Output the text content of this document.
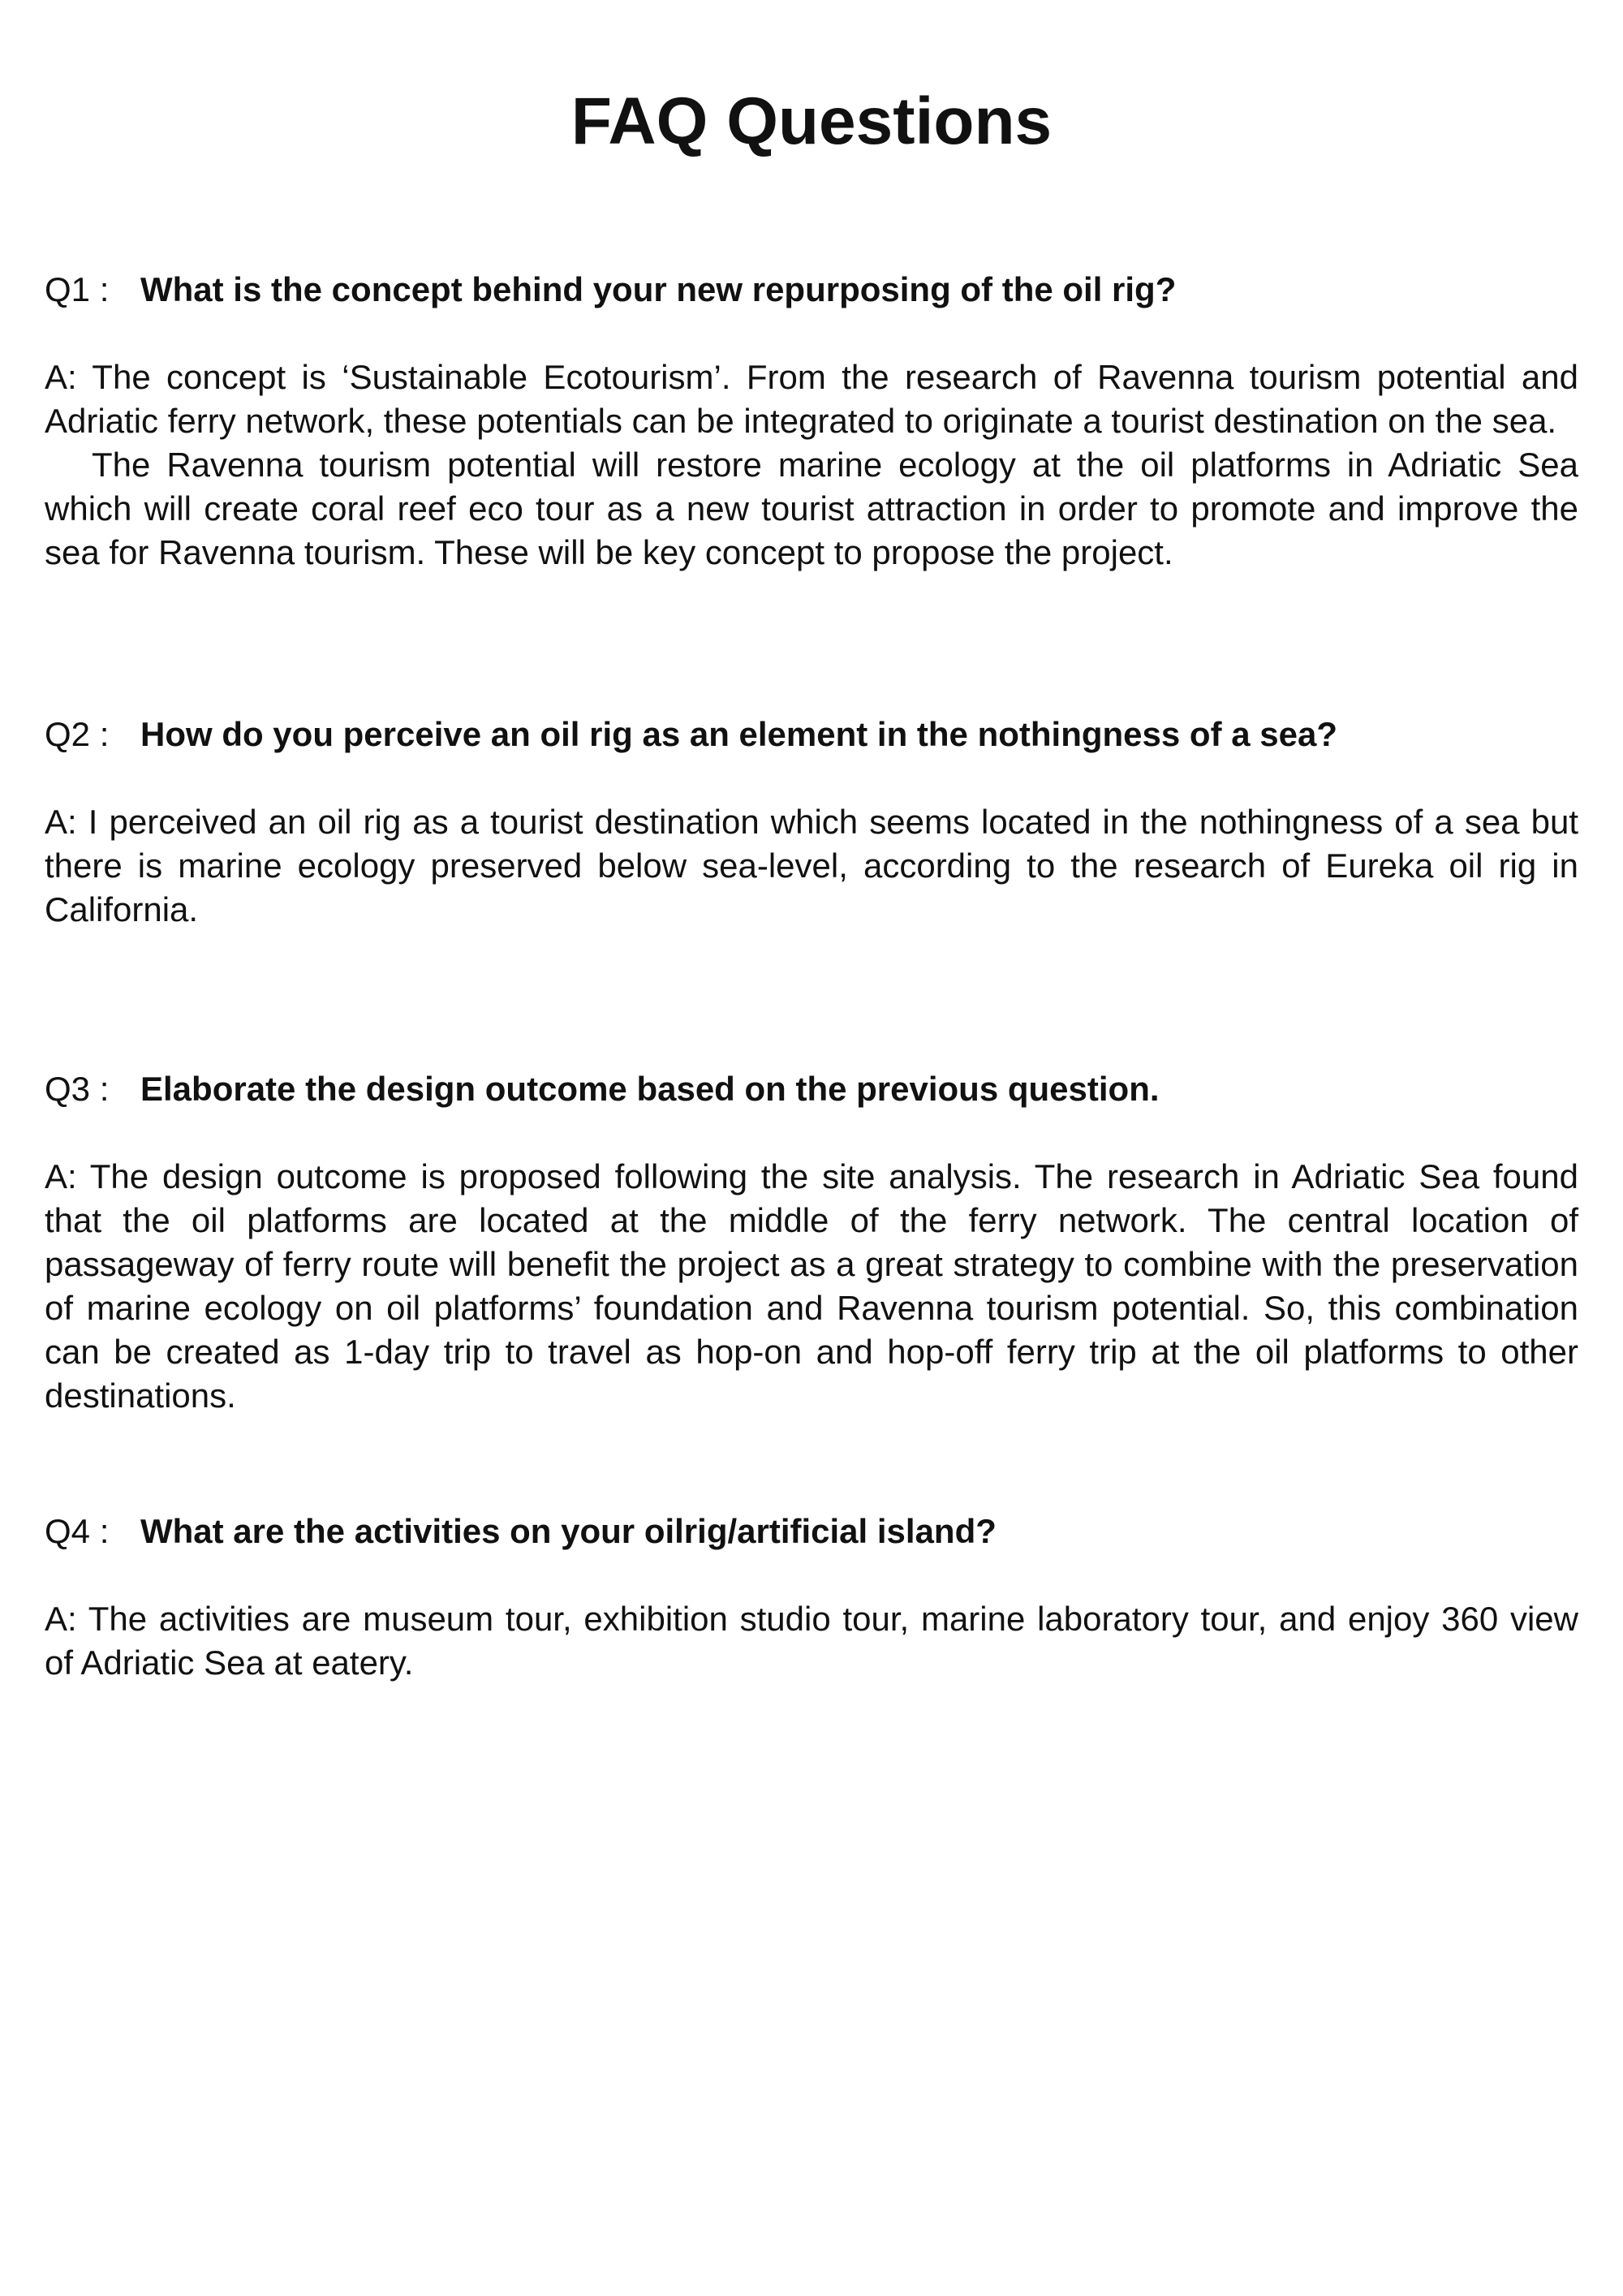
FAQ Questions

Q1 : What is the concept behind your new repurposing of the oil rig?

A: The concept is ‘Sustainable Ecotourism’. From the research of Ravenna tourism potential and Adriatic ferry network, these potentials can be integrated to originate a tourist destination on the sea.

The Ravenna tourism potential will restore marine ecology at the oil platforms in Adriatic Sea which will create coral reef eco tour as a new tourist attraction in order to promote and improve the sea for Ravenna tourism. These will be key concept to propose the project.

Q2 : How do you perceive an oil rig as an element in the nothingness of a sea?

A: I perceived an oil rig as a tourist destination which seems located in the nothingness of a sea but there is marine ecology preserved below sea-level, according to the research of Eureka oil rig in California.

Q3 : Elaborate the design outcome based on the previous question.

A: The design outcome is proposed following the site analysis. The research in Adriatic Sea found that the oil platforms are located at the middle of the ferry network. The central location of passageway of ferry route will benefit the project as a great strategy to combine with the preservation of marine ecology on oil platforms’ foundation and Ravenna tourism potential. So, this combination can be created as 1-day trip to travel as hop-on and hop-off ferry trip at the oil platforms to other destinations.

Q4 : What are the activities on your oilrig/artificial island?

A: The activities are museum tour, exhibition studio tour, marine laboratory tour, and enjoy 360 view of Adriatic Sea at eatery.
